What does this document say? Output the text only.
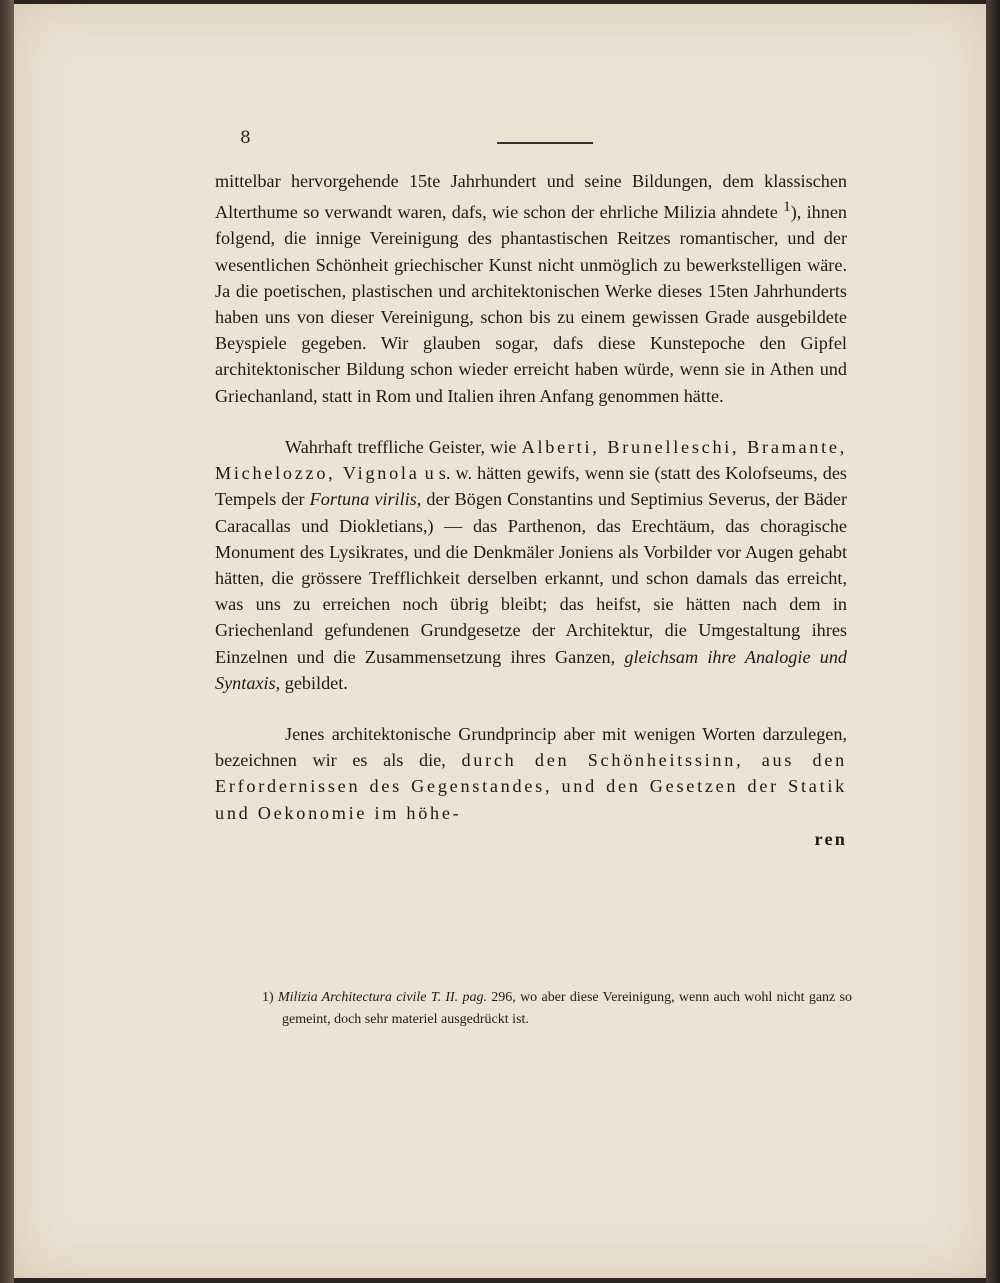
8

mittelbar hervorgehende 15te Jahrhundert und seine Bildungen, dem klassischen Alterthume so verwandt waren, dafs, wie schon der ehrliche Milizia ahndete $^1$), ihnen folgend, die innige Vereinigung des phantastischen Reitzes romantischer, und der wesentlichen Schönheit griechischer Kunst nicht unmöglich zu bewerkstelligen wäre. Ja die poetischen, plastischen und architektonischen Werke dieses 15ten Jahrhunderts haben uns von dieser Vereinigung, schon bis zu einem gewissen Grade ausgebildete Beyspiele gegeben. Wir glauben sogar, dafs diese Kunstepoche den Gipfel architektonischer Bildung schon wieder erreicht haben würde, wenn sie in Athen und Griechanland, statt in Rom und Italien ihren Anfang genommen hätte.

Wahrhaft treffliche Geister, wie Alberti, Brunelleschi, Bramante, Michelozzo, Vignola u s. w. hätten gewifs, wenn sie (statt des Kolofseums, des Tempels der Fortuna virilis, der Bögen Constantins und Septimius Severus, der Bäder Caracallas und Diokletians,) — das Parthenon, das Erechtäum, das choragische Monument des Lysikrates, und die Denkmäler Joniens als Vorbilder vor Augen gehabt hätten, die grössere Trefflichkeit derselben erkannt, und schon damals das erreicht, was uns zu erreichen noch übrig bleibt; das heifst, sie hätten nach dem in Griechenland gefundenen Grundgesetze der Architektur, die Umgestaltung ihres Einzelnen und die Zusammensetzung ihres Ganzen, gleichsam ihre Analogie und Syntaxis, gebildet.

Jenes architektonische Grundprincip aber mit wenigen Worten darzulegen, bezeichnen wir es als die, durch den Schönheitssinn, aus den Erfordernissen des Gegenstandes, und den Gesetzen der Statik und Oekonomie im höhe-

ren

1) Milizia Architectura civile T. II. pag. 296, wo aber diese Vereinigung, wenn auch wohl nicht ganz so gemeint, doch sehr materiel ausgedrückt ist.
